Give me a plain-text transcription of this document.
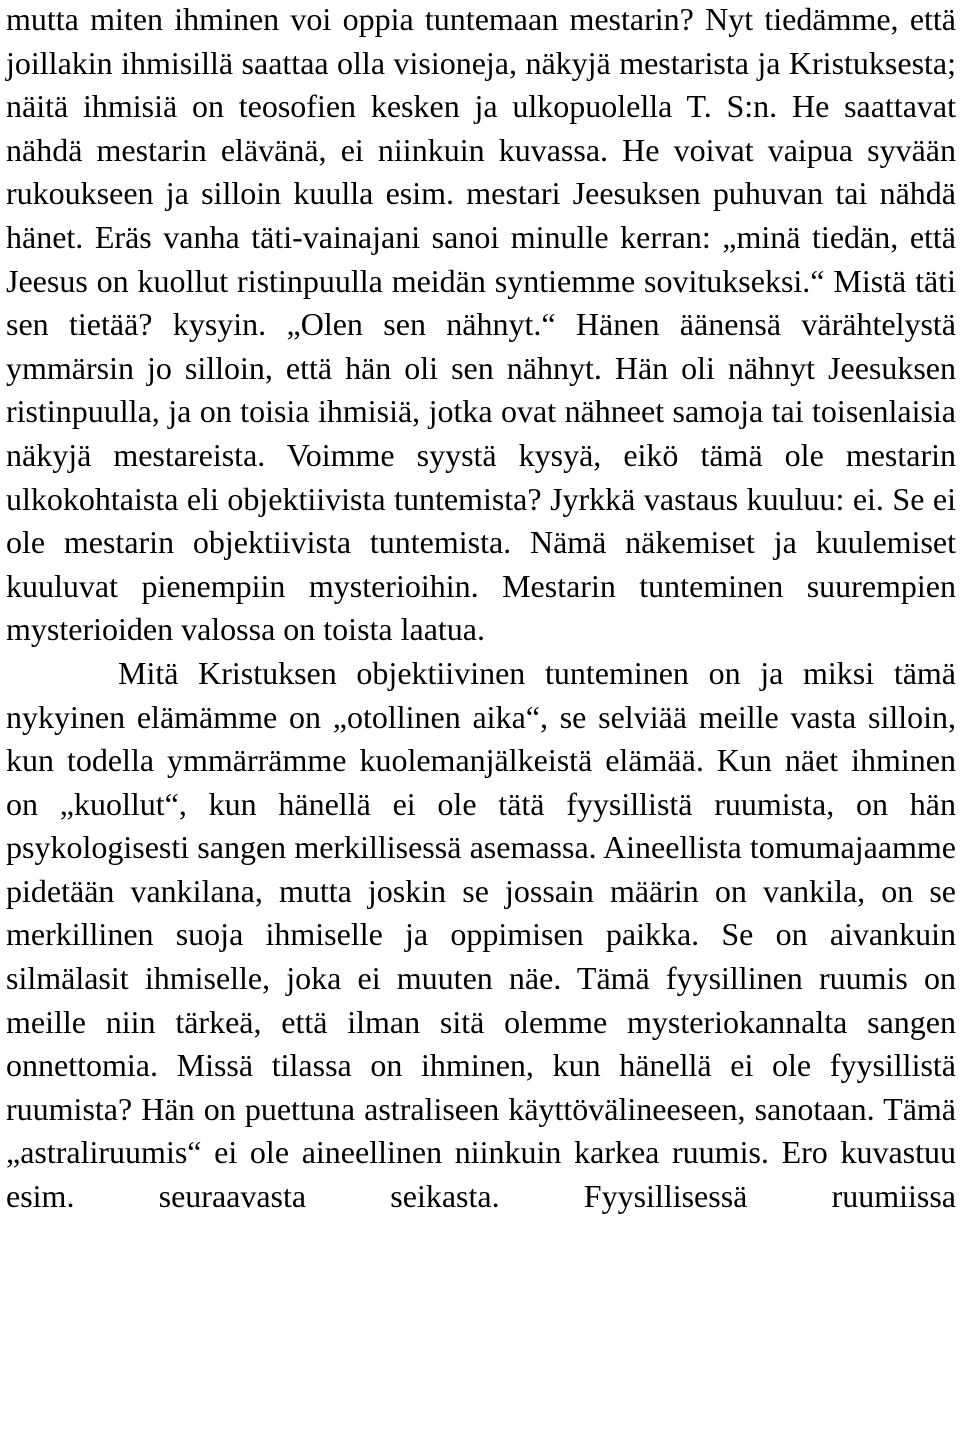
mutta miten ihminen voi oppia tuntemaan mestarin? Nyt tiedämme, että joillakin ihmisillä saattaa olla visioneja, näkyjä mestarista ja Kristuksesta; näitä ihmisiä on teosofien kesken ja ulkopuolella T. S:n. He saattavat nähdä mestarin elävänä, ei niinkuin kuvassa. He voivat vaipua syvään rukoukseen ja silloin kuulla esim. mestari Jeesuksen puhuvan tai nähdä hänet. Eräs vanha täti-vainajani sanoi minulle kerran: „minä tiedän, että Jeesus on kuollut ristinpuulla meidän syntiemme sovitukseksi.“ Mistä täti sen tietää? kysyin. „Olen sen nähnyt.“ Hänen äänensä värähtelystä ymmärsin jo silloin, että hän oli sen nähnyt. Hän oli nähnyt Jeesuksen ristinpuulla, ja on toisia ihmisiä, jotka ovat nähneet samoja tai toisenlaisia näkyjä mestareista. Voimme syystä kysyä, eikö tämä ole mestarin ulkokohtaista eli objektiivista tuntemista? Jyrkkä vastaus kuuluu: ei. Se ei ole mestarin objektiivista tuntemista. Nämä näkemiset ja kuulemiset kuuluvat pienempiin mysterioihin. Mestarin tunteminen suurempien mysterioiden valossa on toista laatua.

Mitä Kristuksen objektiivinen tunteminen on ja miksi tämä nykyinen elämämme on „otollinen aika“, se selviää meille vasta silloin, kun todella ymmärrämme kuolemanjälkeistä elämää. Kun näet ihminen on „kuollut“, kun hänellä ei ole tätä fyysillistä ruumista, on hän psykologisesti sangen merkillisessä asemassa. Aineellista tomumajaamme pidetään vankilana, mutta joskin se jossain määrin on vankila, on se merkillinen suoja ihmiselle ja oppimisen paikka. Se on aivankuin silmälasit ihmiselle, joka ei muuten näe. Tämä fyysillinen ruumis on meille niin tärkeä, että ilman sitä olemme mysteriokannalta sangen onnettomia. Missä tilassa on ihminen, kun hänellä ei ole fyysillistä ruumista? Hän on puettuna astraliseen käyttövälineeseen, sanotaan. Tämä „astraliruumis“ ei ole aineellinen niinkuin karkea ruumis. Ero kuvastuu esim. seuraavasta seikasta. Fyysillisessä ruumiissa
